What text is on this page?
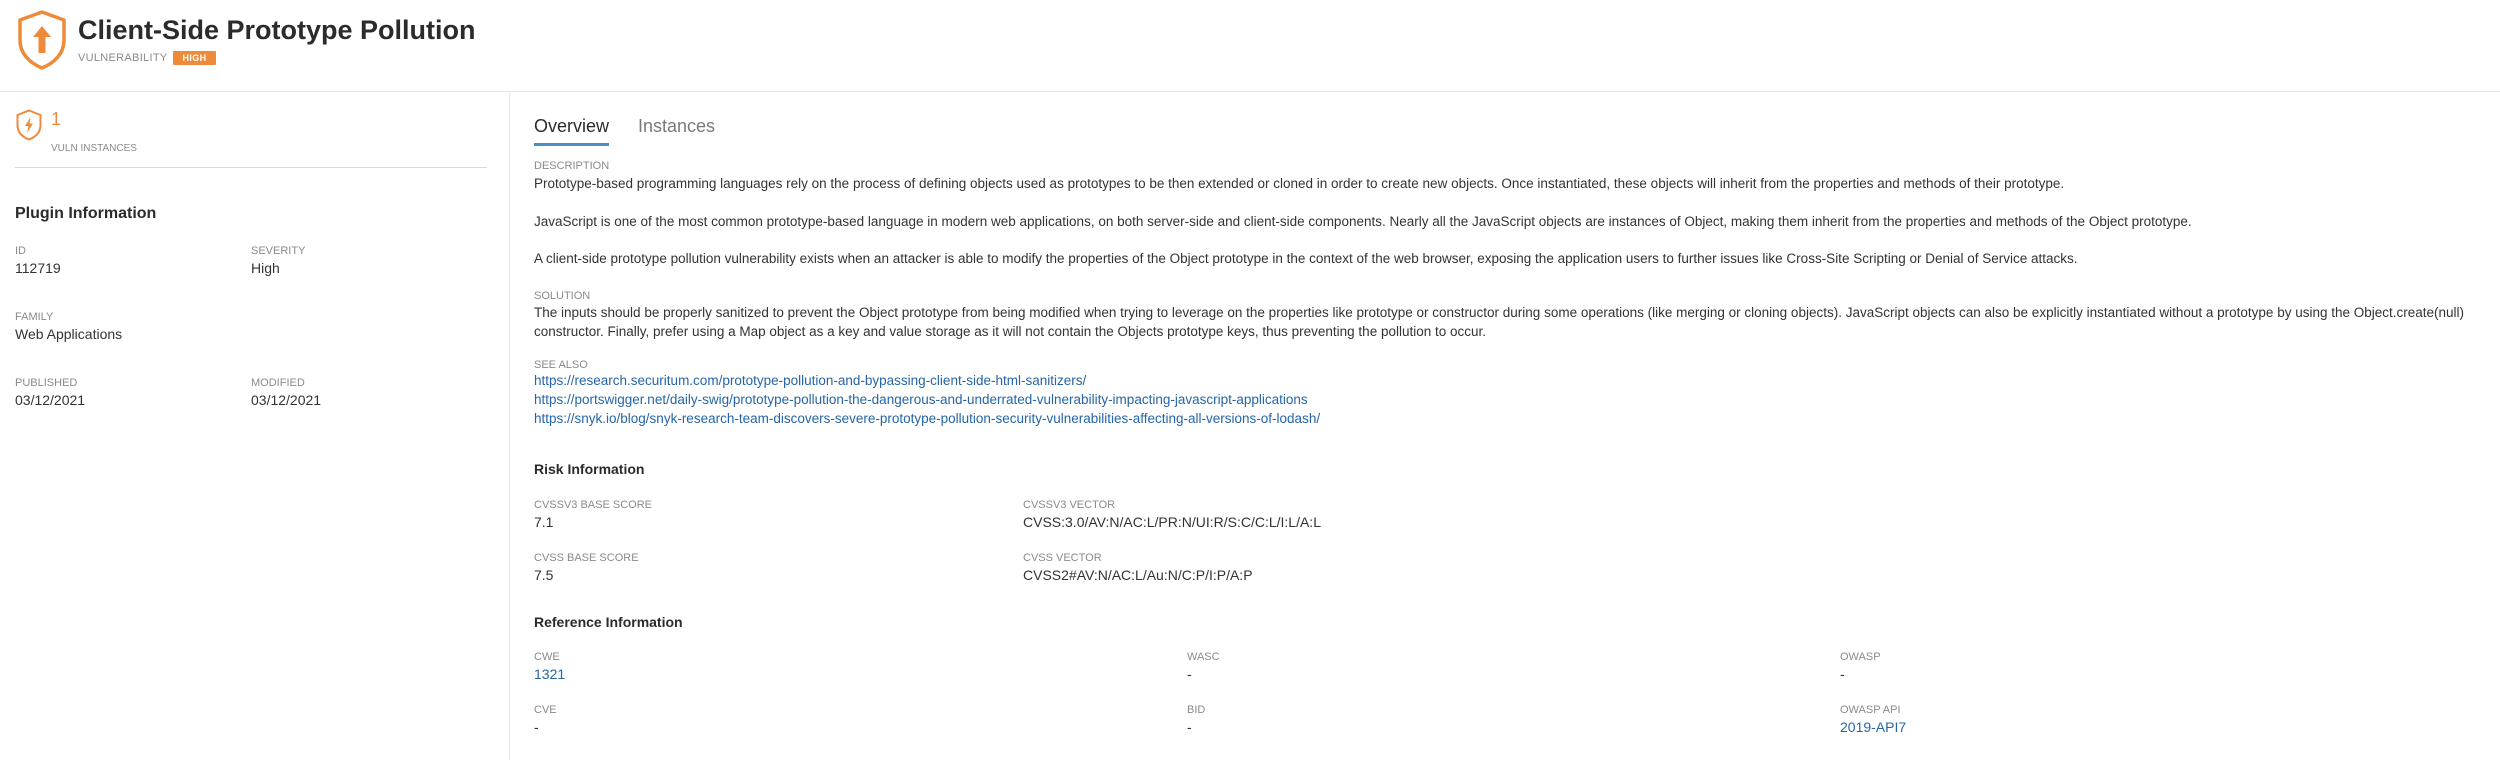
Client-Side Prototype Pollution
VULNERABILITY	HIGH
1
VULN INSTANCES
Plugin Information
ID
112719
SEVERITY
High
FAMILY
Web Applications
PUBLISHED
03/12/2021
MODIFIED
03/12/2021
Overview Instances
DESCRIPTION
Prototype-based programming languages rely on the process of defining objects used as prototypes to be then extended or cloned in order to create new objects. Once instantiated, these objects will inherit from the properties and methods of their prototype.
JavaScript is one of the most common prototype-based language in modern web applications, on both server-side and client-side components. Nearly all the JavaScript objects are instances of Object, making them inherit from the properties and methods of the Object prototype.
A client-side prototype pollution vulnerability exists when an attacker is able to modify the properties of the Object prototype in the context of the web browser, exposing the application users to further issues like Cross-Site Scripting or Denial of Service attacks.
SOLUTION
The inputs should be properly sanitized to prevent the Object prototype from being modified when trying to leverage on the properties like prototype or constructor during some operations (like merging or cloning objects). JavaScript objects can also be explicitly instantiated without a prototype by using the Object.create(null) constructor. Finally, prefer using a Map object as a key and value storage as it will not contain the Objects prototype keys, thus preventing the pollution to occur.
SEE ALSO
https://research.securitum.com/prototype-pollution-and-bypassing-client-side-html-sanitizers/
https://portswigger.net/daily-swig/prototype-pollution-the-dangerous-and-underrated-vulnerability-impacting-javascript-applications
https://snyk.io/blog/snyk-research-team-discovers-severe-prototype-pollution-security-vulnerabilities-affecting-all-versions-of-lodash/
Risk Information
CVSSV3 BASE SCORE
7.1
CVSSV3 VECTOR
CVSS:3.0/AV:N/AC:L/PR:N/UI:R/S:C/C:L/I:L/A:L
CVSS BASE SCORE
7.5
CVSS VECTOR
CVSS2#AV:N/AC:L/Au:N/C:P/I:P/A:P
Reference Information
CWE
1321
WASC
-
OWASP
-
CVE
-
BID
-
OWASP API
2019-API7
